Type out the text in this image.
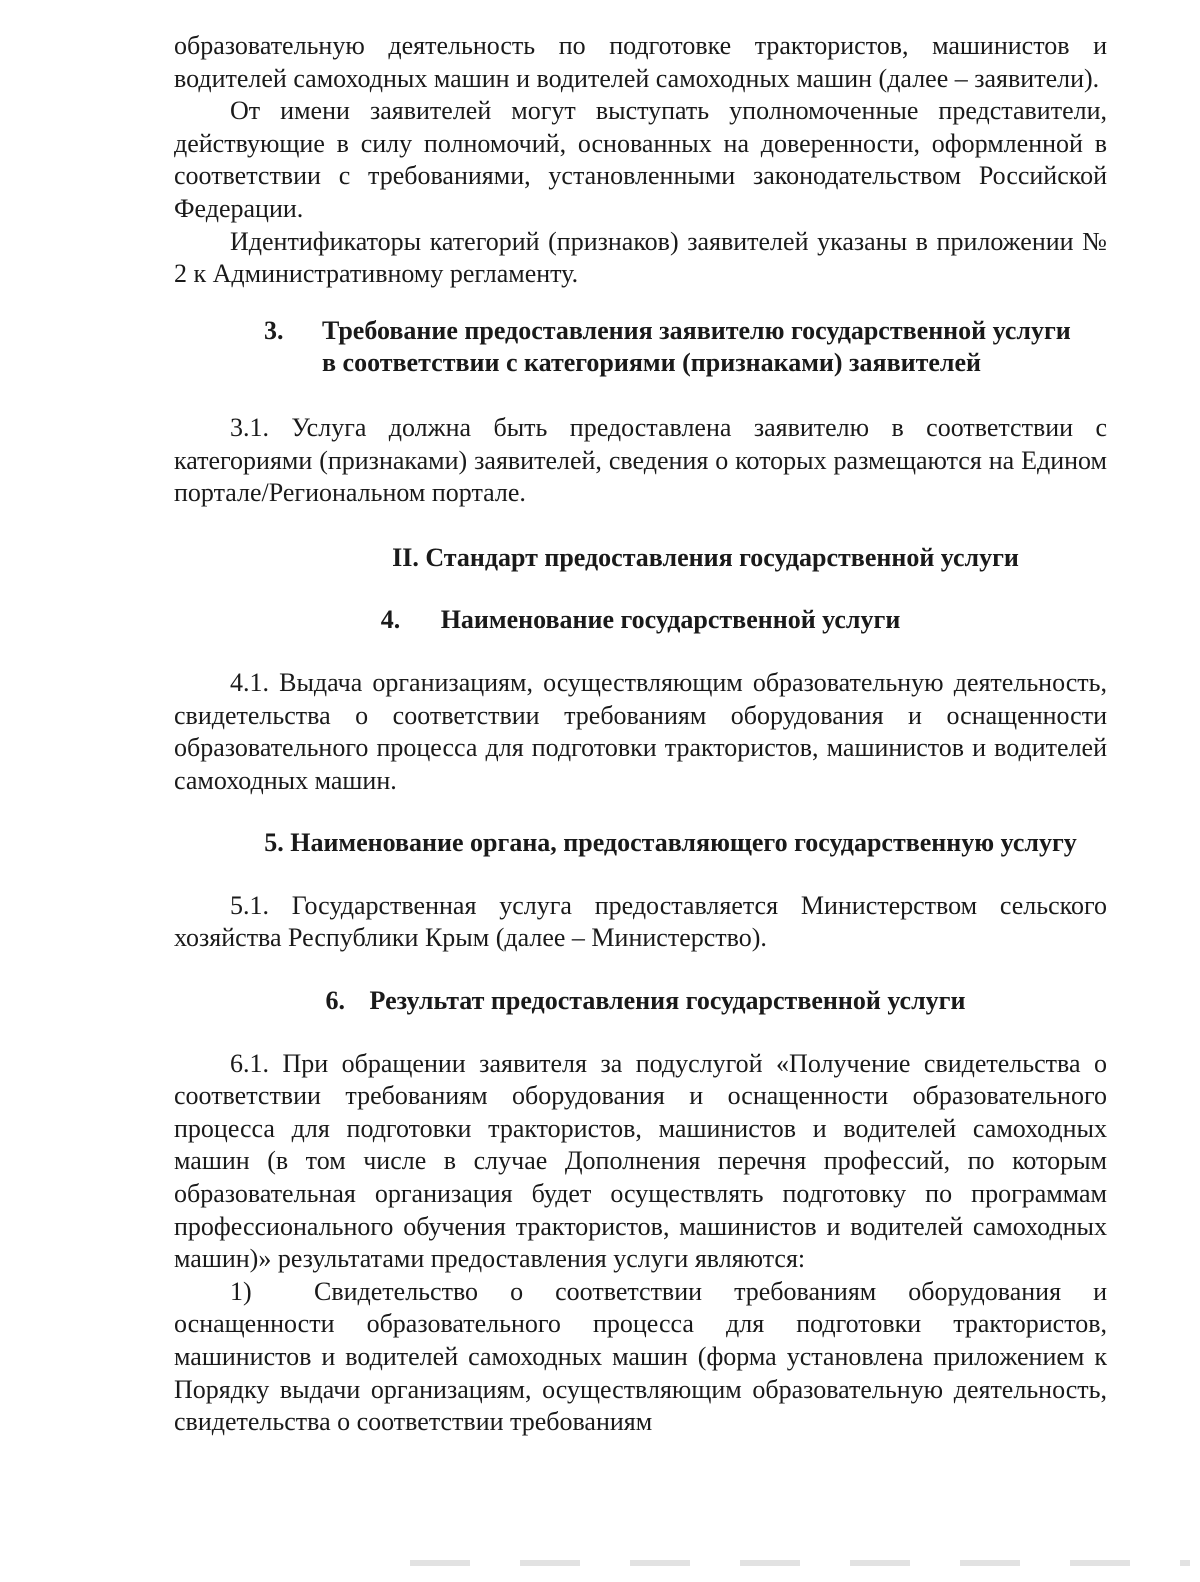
образовательную деятельность по подготовке трактористов, машинистов и водителей самоходных машин и водителей самоходных машин (далее – заявители).

От имени заявителей могут выступать уполномоченные представители, действующие в силу полномочий, основанных на доверенности, оформленной в соответствии с требованиями, установленными законодательством Российской Федерации.

Идентификаторы категорий (признаков) заявителей указаны в приложении № 2 к Административному регламенту.

3.	Требование предоставления заявителю государственной услуги в соответствии с категориями (признаками) заявителей

3.1. Услуга должна быть предоставлена заявителю в соответствии с категориями (признаками) заявителей, сведения о которых размещаются на Едином портале/Региональном портале.

II. Стандарт предоставления государственной услуги
4. Наименование государственной услуги

4.1. Выдача организациям, осуществляющим образовательную деятельность, свидетельства о соответствии требованиям оборудования и оснащенности образовательного процесса для подготовки трактористов, машинистов и водителей самоходных машин.

5. Наименование органа, предоставляющего государственную услугу

5.1. Государственная услуга предоставляется Министерством сельского хозяйства Республики Крым (далее – Министерство).

6. Результат предоставления государственной услуги

6.1. При обращении заявителя за подуслугой «Получение свидетельства о соответствии требованиям оборудования и оснащенности образовательного процесса для подготовки трактористов, машинистов и водителей самоходных машин (в том числе в случае Дополнения перечня профессий, по которым образовательная организация будет осуществлять подготовку по программам профессионального обучения трактористов, машинистов и водителей самоходных машин)» результатами предоставления услуги являются:

1) Свидетельство о соответствии требованиям оборудования и оснащенности образовательного процесса для подготовки трактористов, машинистов и водителей самоходных машин (форма установлена приложением к Порядку выдачи организациям, осуществляющим образовательную деятельность, свидетельства о соответствии требованиям
